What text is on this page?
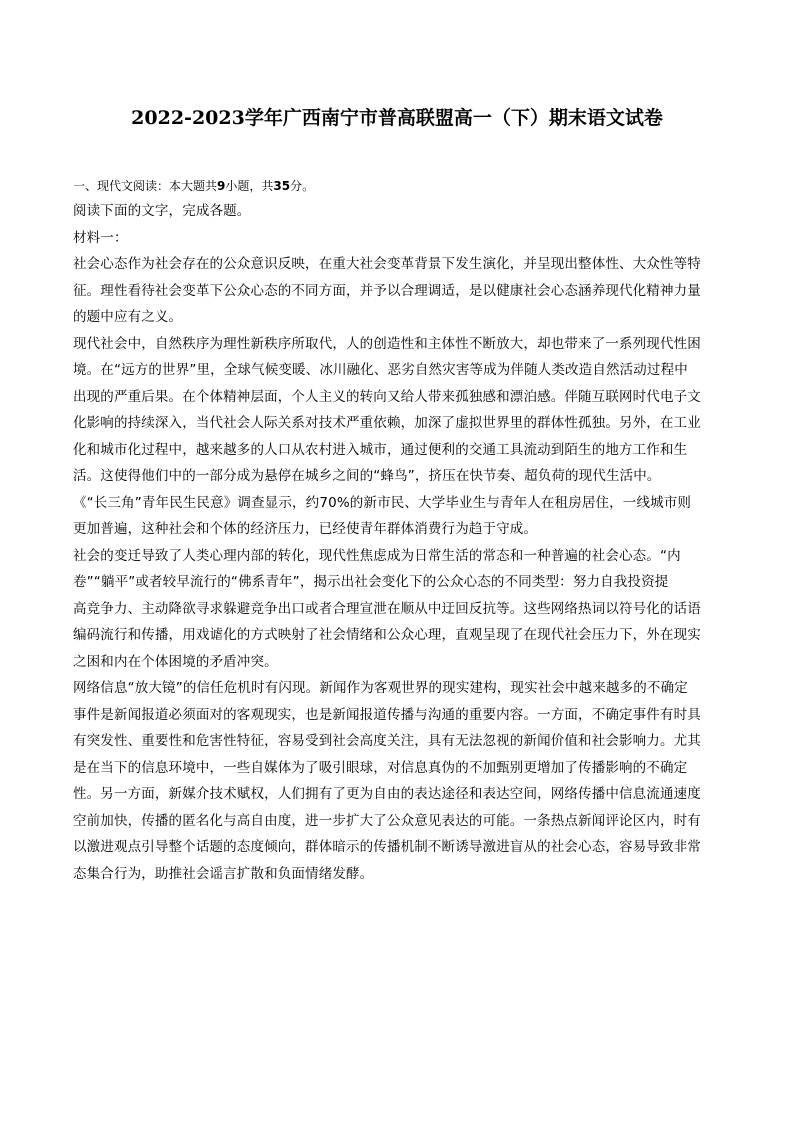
2022-2023学年广西南宁市普高联盟高一（下）期末语文试卷

一、现代文阅读：本大题共9小题，共35分。

阅读下面的文字，完成各题。

材料一：

社会心态作为社会存在的公众意识反映，在重大社会变革背景下发生演化，并呈现出整体性、大众性等特

征。理性看待社会变革下公众心态的不同方面，并予以合理调适，是以健康社会心态涵养现代化精神力量

的题中应有之义。

现代社会中，自然秩序为理性新秩序所取代，人的创造性和主体性不断放大，却也带来了一系列现代性困

境。在“远方的世界”里，全球气候变暖、冰川融化、恶劣自然灾害等成为伴随人类改造自然活动过程中

出现的严重后果。在个体精神层面，个人主义的转向又给人带来孤独感和漂泊感。伴随互联网时代电子文

化影响的持续深入，当代社会人际关系对技术严重依赖，加深了虚拟世界里的群体性孤独。另外，在工业

化和城市化过程中，越来越多的人口从农村进入城市，通过便利的交通工具流动到陌生的地方工作和生

活。这使得他们中的一部分成为悬停在城乡之间的“蜂鸟”，挤压在快节奏、超负荷的现代生活中。

《“长三角”青年民生民意》调查显示，约70%的新市民、大学毕业生与青年人在租房居住，一线城市则

更加普遍，这种社会和个体的经济压力，已经使青年群体消费行为趋于守成。

社会的变迁导致了人类心理内部的转化，现代性焦虑成为日常生活的常态和一种普遍的社会心态。“内

卷”“躺平”或者较早流行的“佛系青年”，揭示出社会变化下的公众心态的不同类型：努力自我投资提

高竞争力、主动降欲寻求躲避竞争出口或者合理宣泄在顺从中迂回反抗等。这些网络热词以符号化的话语

编码流行和传播，用戏谑化的方式映射了社会情绪和公众心理，直观呈现了在现代社会压力下，外在现实

之困和内在个体困境的矛盾冲突。

网络信息“放大镜”的信任危机时有闪现。新闻作为客观世界的现实建构，现实社会中越来越多的不确定

事件是新闻报道必须面对的客观现实，也是新闻报道传播与沟通的重要内容。一方面，不确定事件有时具

有突发性、重要性和危害性特征，容易受到社会高度关注，具有无法忽视的新闻价值和社会影响力。尤其

是在当下的信息环境中，一些自媒体为了吸引眼球，对信息真伪的不加甄别更增加了传播影响的不确定

性。另一方面，新媒介技术赋权，人们拥有了更为自由的表达途径和表达空间，网络传播中信息流通速度

空前加快，传播的匿名化与高自由度，进一步扩大了公众意见表达的可能。一条热点新闻评论区内，时有

以激进观点引导整个话题的态度倾向，群体暗示的传播机制不断诱导激进盲从的社会心态，容易导致非常

态集合行为，助推社会谣言扩散和负面情绪发酵。
